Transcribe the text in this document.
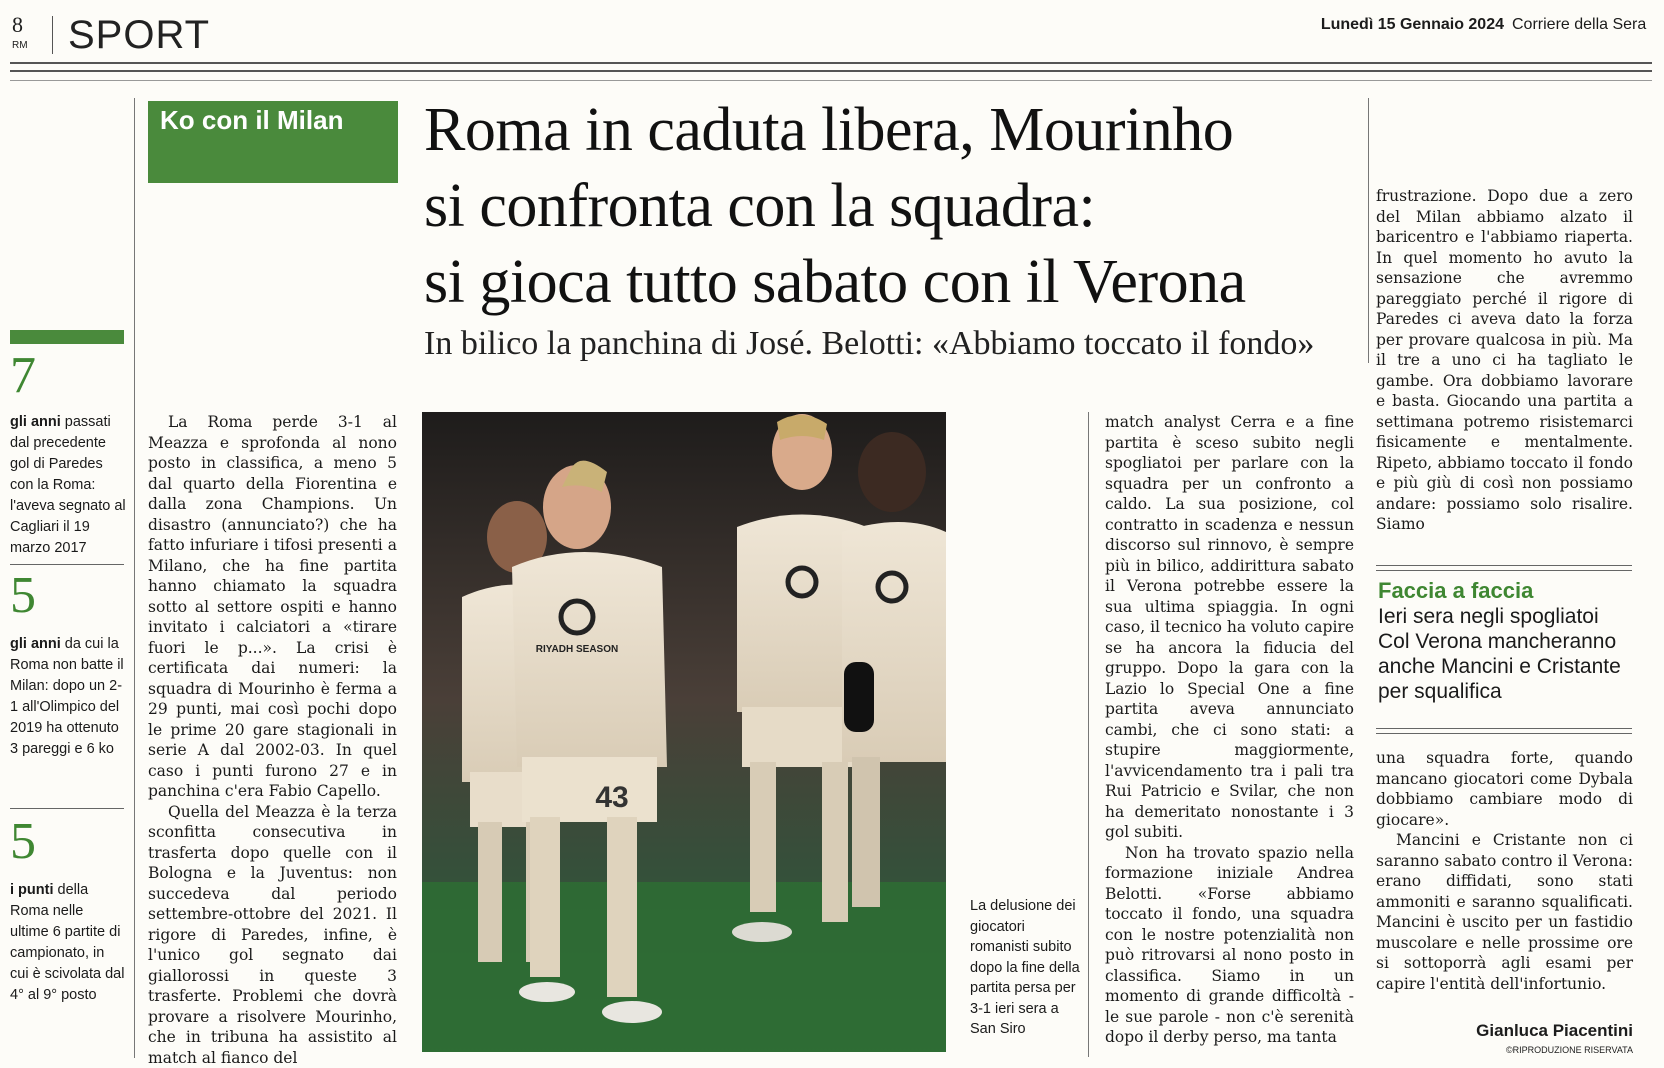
8
RM SPORT	Lunedì 15 Gennaio 2024 Corriere della Sera
7
gli anni passati dal precedente gol di Paredes con la Roma: l'aveva segnato al Cagliari il 19 marzo 2017
5
gli anni da cui la Roma non batte il Milan: dopo un 2-1 all'Olimpico del 2019 ha ottenuto 3 pareggi e 6 ko
5
i punti della Roma nelle ultime 6 partite di campionato, in cui è scivolata dal 4° al 9° posto
Ko con il Milan Roma in caduta libera, Mourinho
si confronta con la squadra:
si gioca tutto sabato con il Verona
In bilico la panchina di José. Belotti: «Abbiamo toccato il fondo»

La Roma perde 3-1 al Meazza e sprofonda al nono posto in classifica, a meno 5 dal quarto della Fiorentina e dalla zona Champions. Un disastro (annunciato?) che ha fatto infuriare i tifosi presenti a Milano, che ha fine partita hanno chiamato la squadra sotto al settore ospiti e hanno invitato i calciatori a «tirare fuori le p...». La crisi è certificata dai numeri: la squadra di Mourinho è ferma a 29 punti, mai così pochi dopo le prime 20 gare stagionali in serie A dal 2002-03. In quel caso i punti furono 27 e in panchina c'era Fabio Capello.

Quella del Meazza è la terza sconfitta consecutiva in trasferta dopo quelle con il Bologna e la Juventus: non succedeva dal periodo settembre-ottobre del 2021. Il rigore di Paredes, infine, è l'unico gol segnato dai giallorossi in queste 3 trasferte. Problemi che dovrà provare a risolvere Mourinho, che in tribuna ha assistito al match al fianco del

RIYADH SEASON
43
La delusione dei giocatori romanisti subito dopo la fine della partita persa per 3-1 ieri sera a San Siro

match analyst Cerra e a fine partita è sceso subito negli spogliatoi per parlare con la squadra per un confronto a caldo. La sua posizione, col contratto in scadenza e nessun discorso sul rinnovo, è sempre più in bilico, addirittura sabato il Verona potrebbe essere la sua ultima spiaggia. In ogni caso, il tecnico ha voluto capire se ha ancora la fiducia del gruppo. Dopo la gara con la Lazio lo Special One a fine partita aveva annunciato cambi, che ci sono stati: a stupire maggiormente, l'avvicendamento tra i pali tra Rui Patricio e Svilar, che non ha demeritato nonostante i 3 gol subiti.

Non ha trovato spazio nella formazione iniziale Andrea Belotti. «Forse abbiamo toccato il fondo, una squadra con le nostre potenzialità non può ritrovarsi al nono posto in classifica. Siamo in un momento di grande difficoltà - le sue parole - non c'è serenità dopo il derby perso, ma tanta

frustrazione. Dopo due a zero del Milan abbiamo alzato il baricentro e l'abbiamo riaperta. In quel momento ho avuto la sensazione che avremmo pareggiato perché il rigore di Paredes ci aveva dato la forza per provare qualcosa in più. Ma il tre a uno ci ha tagliato le gambe. Ora dobbiamo lavorare e basta. Giocando una partita a settimana potremo risistemarci fisicamente e mentalmente. Ripeto, abbiamo toccato il fondo e più giù di così non possiamo andare: possiamo solo risalire. Siamo

Faccia a faccia
Ieri sera negli spogliatoi
Col Verona mancheranno anche Mancini e Cristante per squalifica

una squadra forte, quando mancano giocatori come Dybala dobbiamo cambiare modo di giocare».

Mancini e Cristante non ci saranno sabato contro il Verona: erano diffidati, sono stati ammoniti e saranno squalificati. Mancini è uscito per un fastidio muscolare e nelle prossime ore si sottoporrà agli esami per capire l'entità dell'infortunio.

Gianluca Piacentini
©RIPRODUZIONE RISERVATA
